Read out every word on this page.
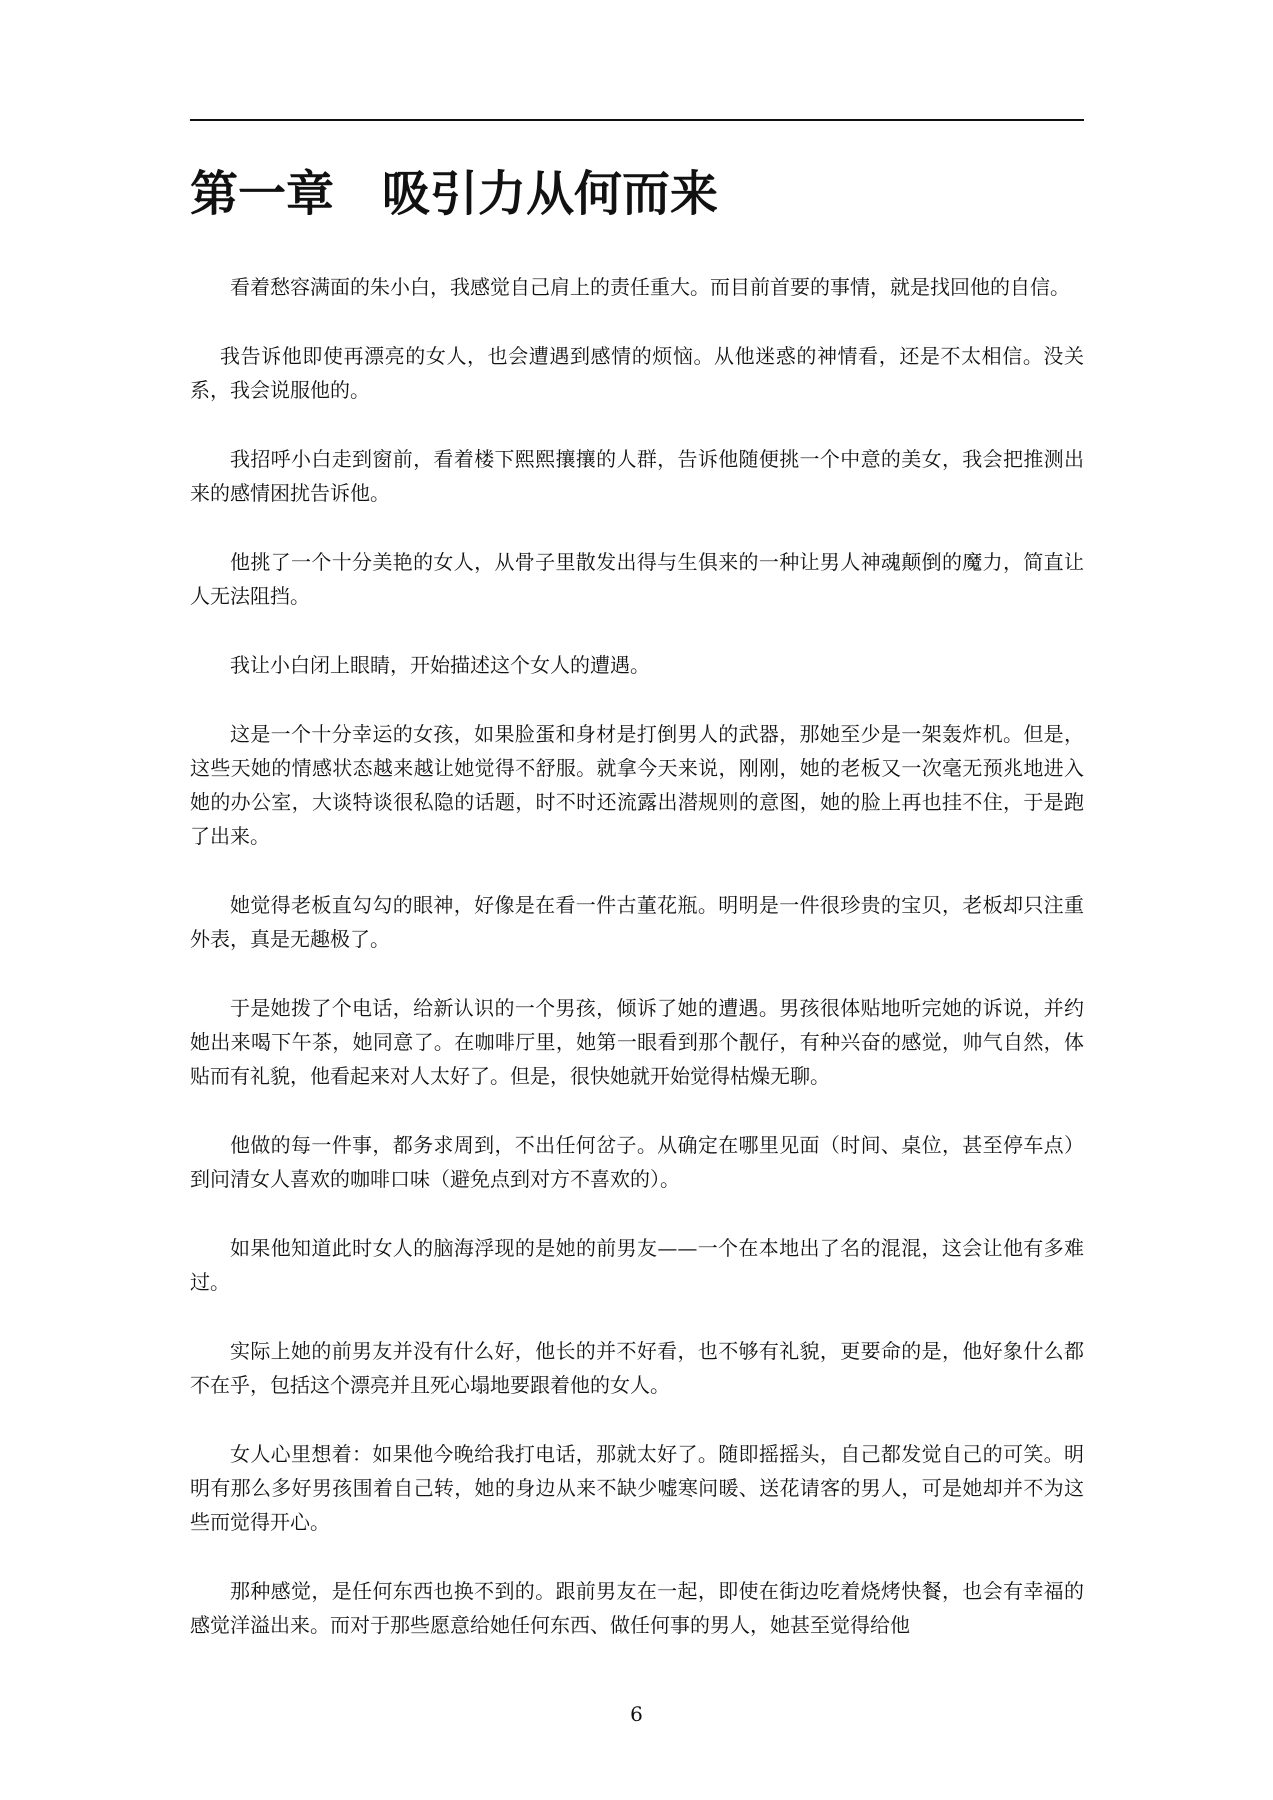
第一章　吸引力从何而来

看着愁容满面的朱小白，我感觉自己肩上的责任重大。而目前首要的事情，就是找回他的自信。

我告诉他即使再漂亮的女人，也会遭遇到感情的烦恼。从他迷惑的神情看，还是不太相信。没关系，我会说服他的。

我招呼小白走到窗前，看着楼下熙熙攘攘的人群，告诉他随便挑一个中意的美女，我会把推测出来的感情困扰告诉他。

他挑了一个十分美艳的女人，从骨子里散发出得与生俱来的一种让男人神魂颠倒的魔力，简直让人无法阻挡。

我让小白闭上眼睛，开始描述这个女人的遭遇。

这是一个十分幸运的女孩，如果脸蛋和身材是打倒男人的武器，那她至少是一架轰炸机。但是，这些天她的情感状态越来越让她觉得不舒服。就拿今天来说，刚刚，她的老板又一次毫无预兆地进入她的办公室，大谈特谈很私隐的话题，时不时还流露出潜规则的意图，她的脸上再也挂不住，于是跑了出来。

她觉得老板直勾勾的眼神，好像是在看一件古董花瓶。明明是一件很珍贵的宝贝，老板却只注重外表，真是无趣极了。

于是她拨了个电话，给新认识的一个男孩，倾诉了她的遭遇。男孩很体贴地听完她的诉说，并约她出来喝下午茶，她同意了。在咖啡厅里，她第一眼看到那个靓仔，有种兴奋的感觉，帅气自然，体贴而有礼貌，他看起来对人太好了。但是，很快她就开始觉得枯燥无聊。

他做的每一件事，都务求周到，不出任何岔子。从确定在哪里见面（时间、桌位，甚至停车点）到问清女人喜欢的咖啡口味（避免点到对方不喜欢的）。

如果他知道此时女人的脑海浮现的是她的前男友——一个在本地出了名的混混，这会让他有多难过。

实际上她的前男友并没有什么好，他长的并不好看，也不够有礼貌，更要命的是，他好象什么都不在乎，包括这个漂亮并且死心塌地要跟着他的女人。

女人心里想着：如果他今晚给我打电话，那就太好了。随即摇摇头，自己都发觉自己的可笑。明明有那么多好男孩围着自己转，她的身边从来不缺少嘘寒问暖、送花请客的男人，可是她却并不为这些而觉得开心。

那种感觉，是任何东西也换不到的。跟前男友在一起，即使在街边吃着烧烤快餐，也会有幸福的感觉洋溢出来。而对于那些愿意给她任何东西、做任何事的男人，她甚至觉得给他

6
